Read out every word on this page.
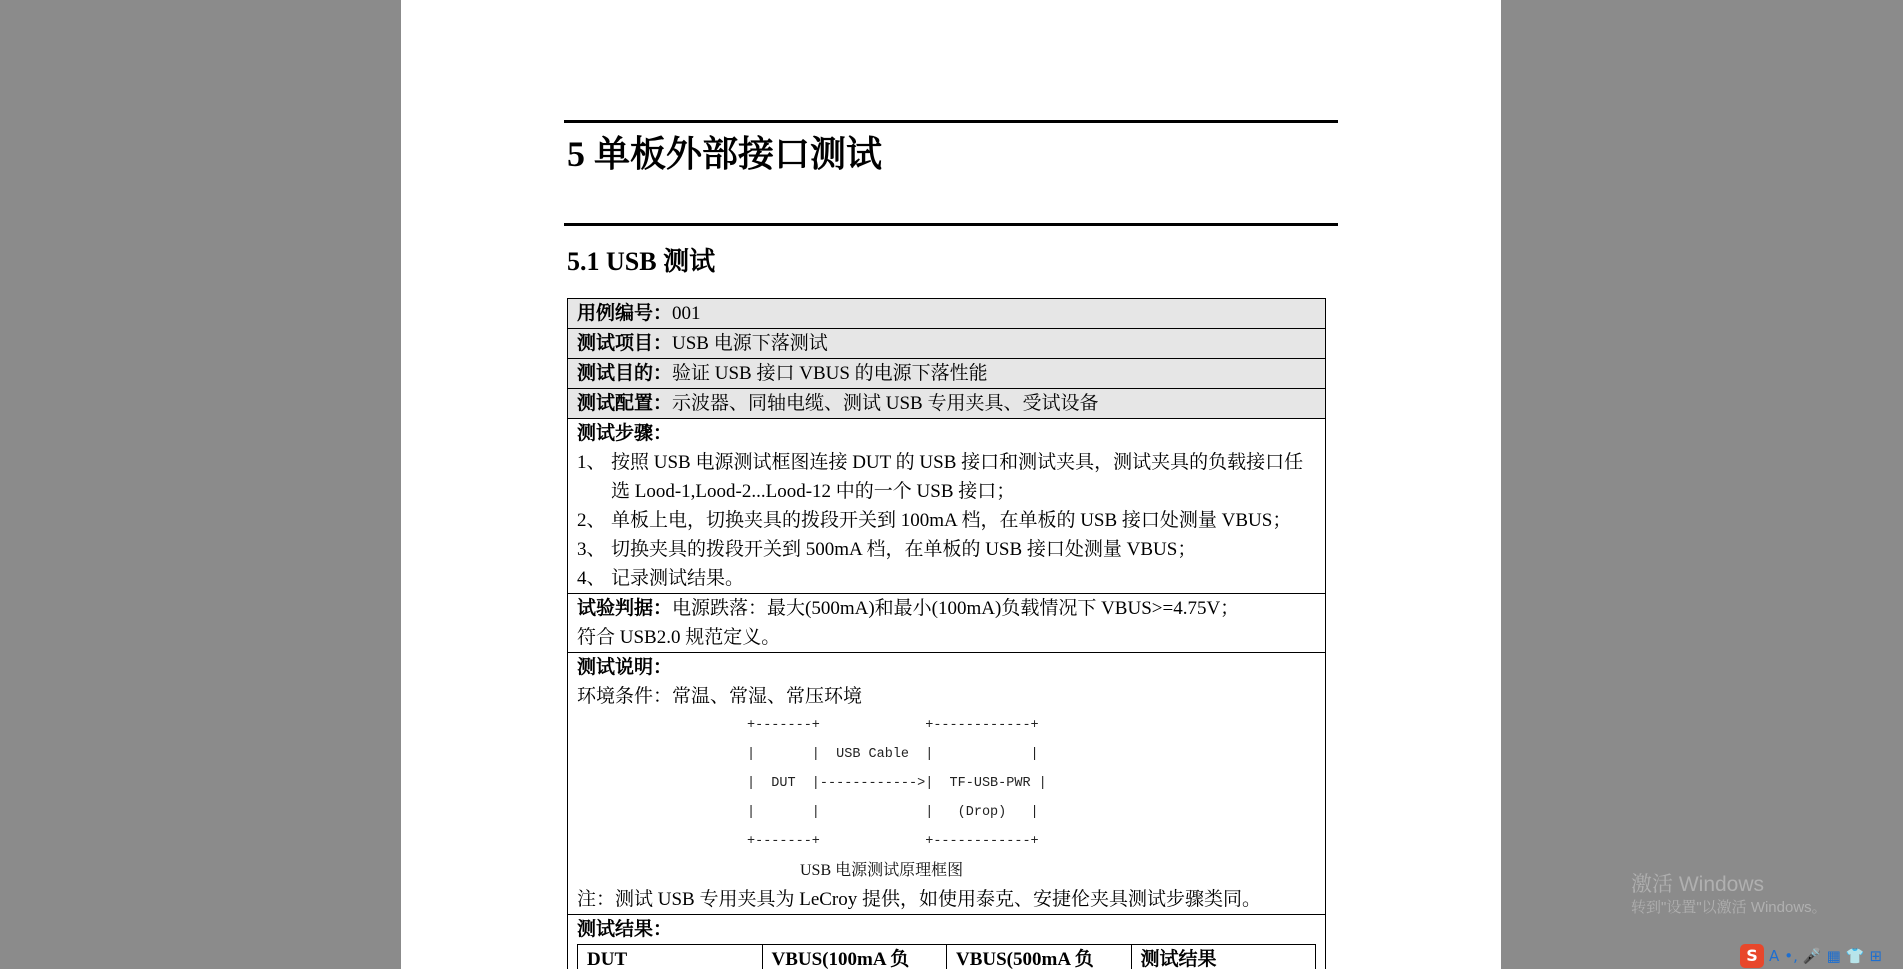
5 单板外部接口测试
5.1 USB 测试
用例编号：001
测试项目：USB 电源下落测试
测试目的：验证 USB 接口 VBUS 的电源下落性能
测试配置：示波器、同轴电缆、测试 USB 专用夹具、受试设备
测试步骤：
1、 按照 USB 电源测试框图连接 DUT 的 USB 接口和测试夹具，测试夹具的负载接口任选 Lood-1,Lood-2...Lood-12 中的一个 USB 接口；
2、 单板上电，切换夹具的拨段开关到 100mA 档，在单板的 USB 接口处测量 VBUS；
3、 切换夹具的拨段开关到 500mA 档，在单板的 USB 接口处测量 VBUS；
4、 记录测试结果。
试验判据：电源跌落：最大(500mA)和最小(100mA)负载情况下 VBUS>=4.75V；
符合 USB2.0 规范定义。
测试说明：
环境条件：常温、常湿、常压环境
+-------+             +------------+
|       |  USB Cable  |            |
|  DUT  |------------>|  TF-USB-PWR |
|       |             |   (Drop)   |
+-------+             +------------+
USB 电源测试原理框图
注：测试 USB 专用夹具为 LeCroy 提供，如使用泰克、安捷伦夹具测试步骤类同。
测试结果：
DUT	VBUS(100mA 负	VBUS(500mA 负	测试结果
激活 Windows
转到"设置"以激活 Windows。
S A •, 🎤 ▦ 👕 ⊞
